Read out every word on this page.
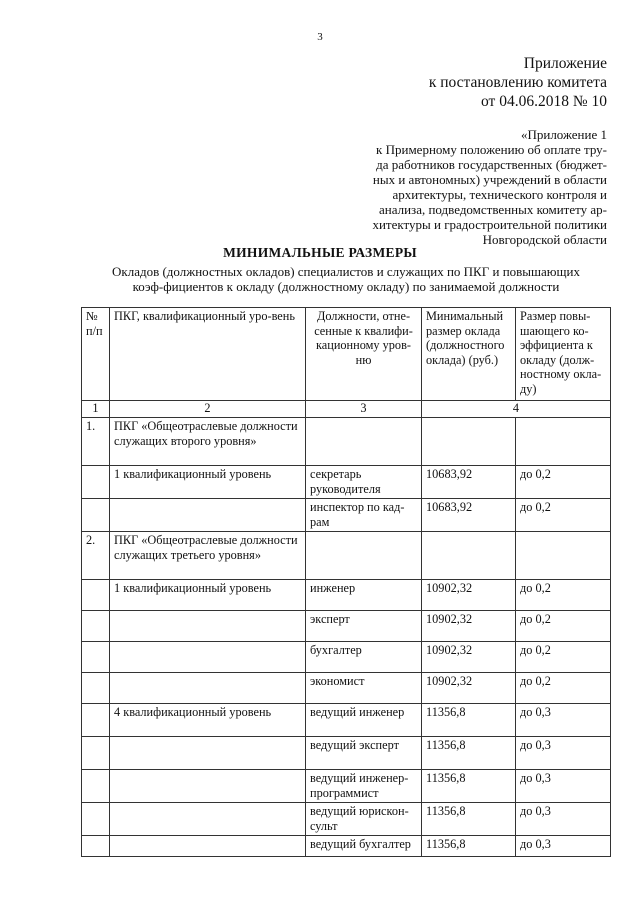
3
Приложение
к постановлению комитета
от 04.06.2018 № 10
«Приложение 1
к Примерному положению об оплате тру-
да работников государственных (бюджет-
ных и автономных) учреждений в области
архитектуры, технического контроля и
анализа, подведомственных комитету ар-
хитектуры и градостроительной политики
Новгородской области
МИНИМАЛЬНЫЕ РАЗМЕРЫ
Окладов (должностных окладов) специалистов и служащих по ПКГ и повышающих коэф-фициентов к окладу (должностному окладу) по занимаемой должности
№ п/п	ПКГ, квалификационный уро-вень	Должности, отне-сенные к квалифи-кационному уров-ню	Минимальный размер оклада (должностного оклада) (руб.)	Размер повы-шающего ко-эффициента к окладу (долж-ностному окла-ду)
1	2	3	4	
1.	ПКГ «Общеотраслевые должности служащих второго уровня»			
	1 квалификационный уровень	секретарь руководителя	10683,92	до 0,2
		инспектор по кад-рам	10683,92	до 0,2
2.	ПКГ «Общеотраслевые должности служащих третьего уровня»			
	1 квалификационный уровень	инженер	10902,32	до 0,2
		эксперт	10902,32	до 0,2
		бухгалтер	10902,32	до 0,2
		экономист	10902,32	до 0,2
	4 квалификационный уровень	ведущий инженер	11356,8	до 0,3
		ведущий эксперт	11356,8	до 0,3
		ведущий инженер-программист	11356,8	до 0,3
		ведущий юрискон-сульт	11356,8	до 0,3
		ведущий бухгалтер	11356,8	до 0,3
